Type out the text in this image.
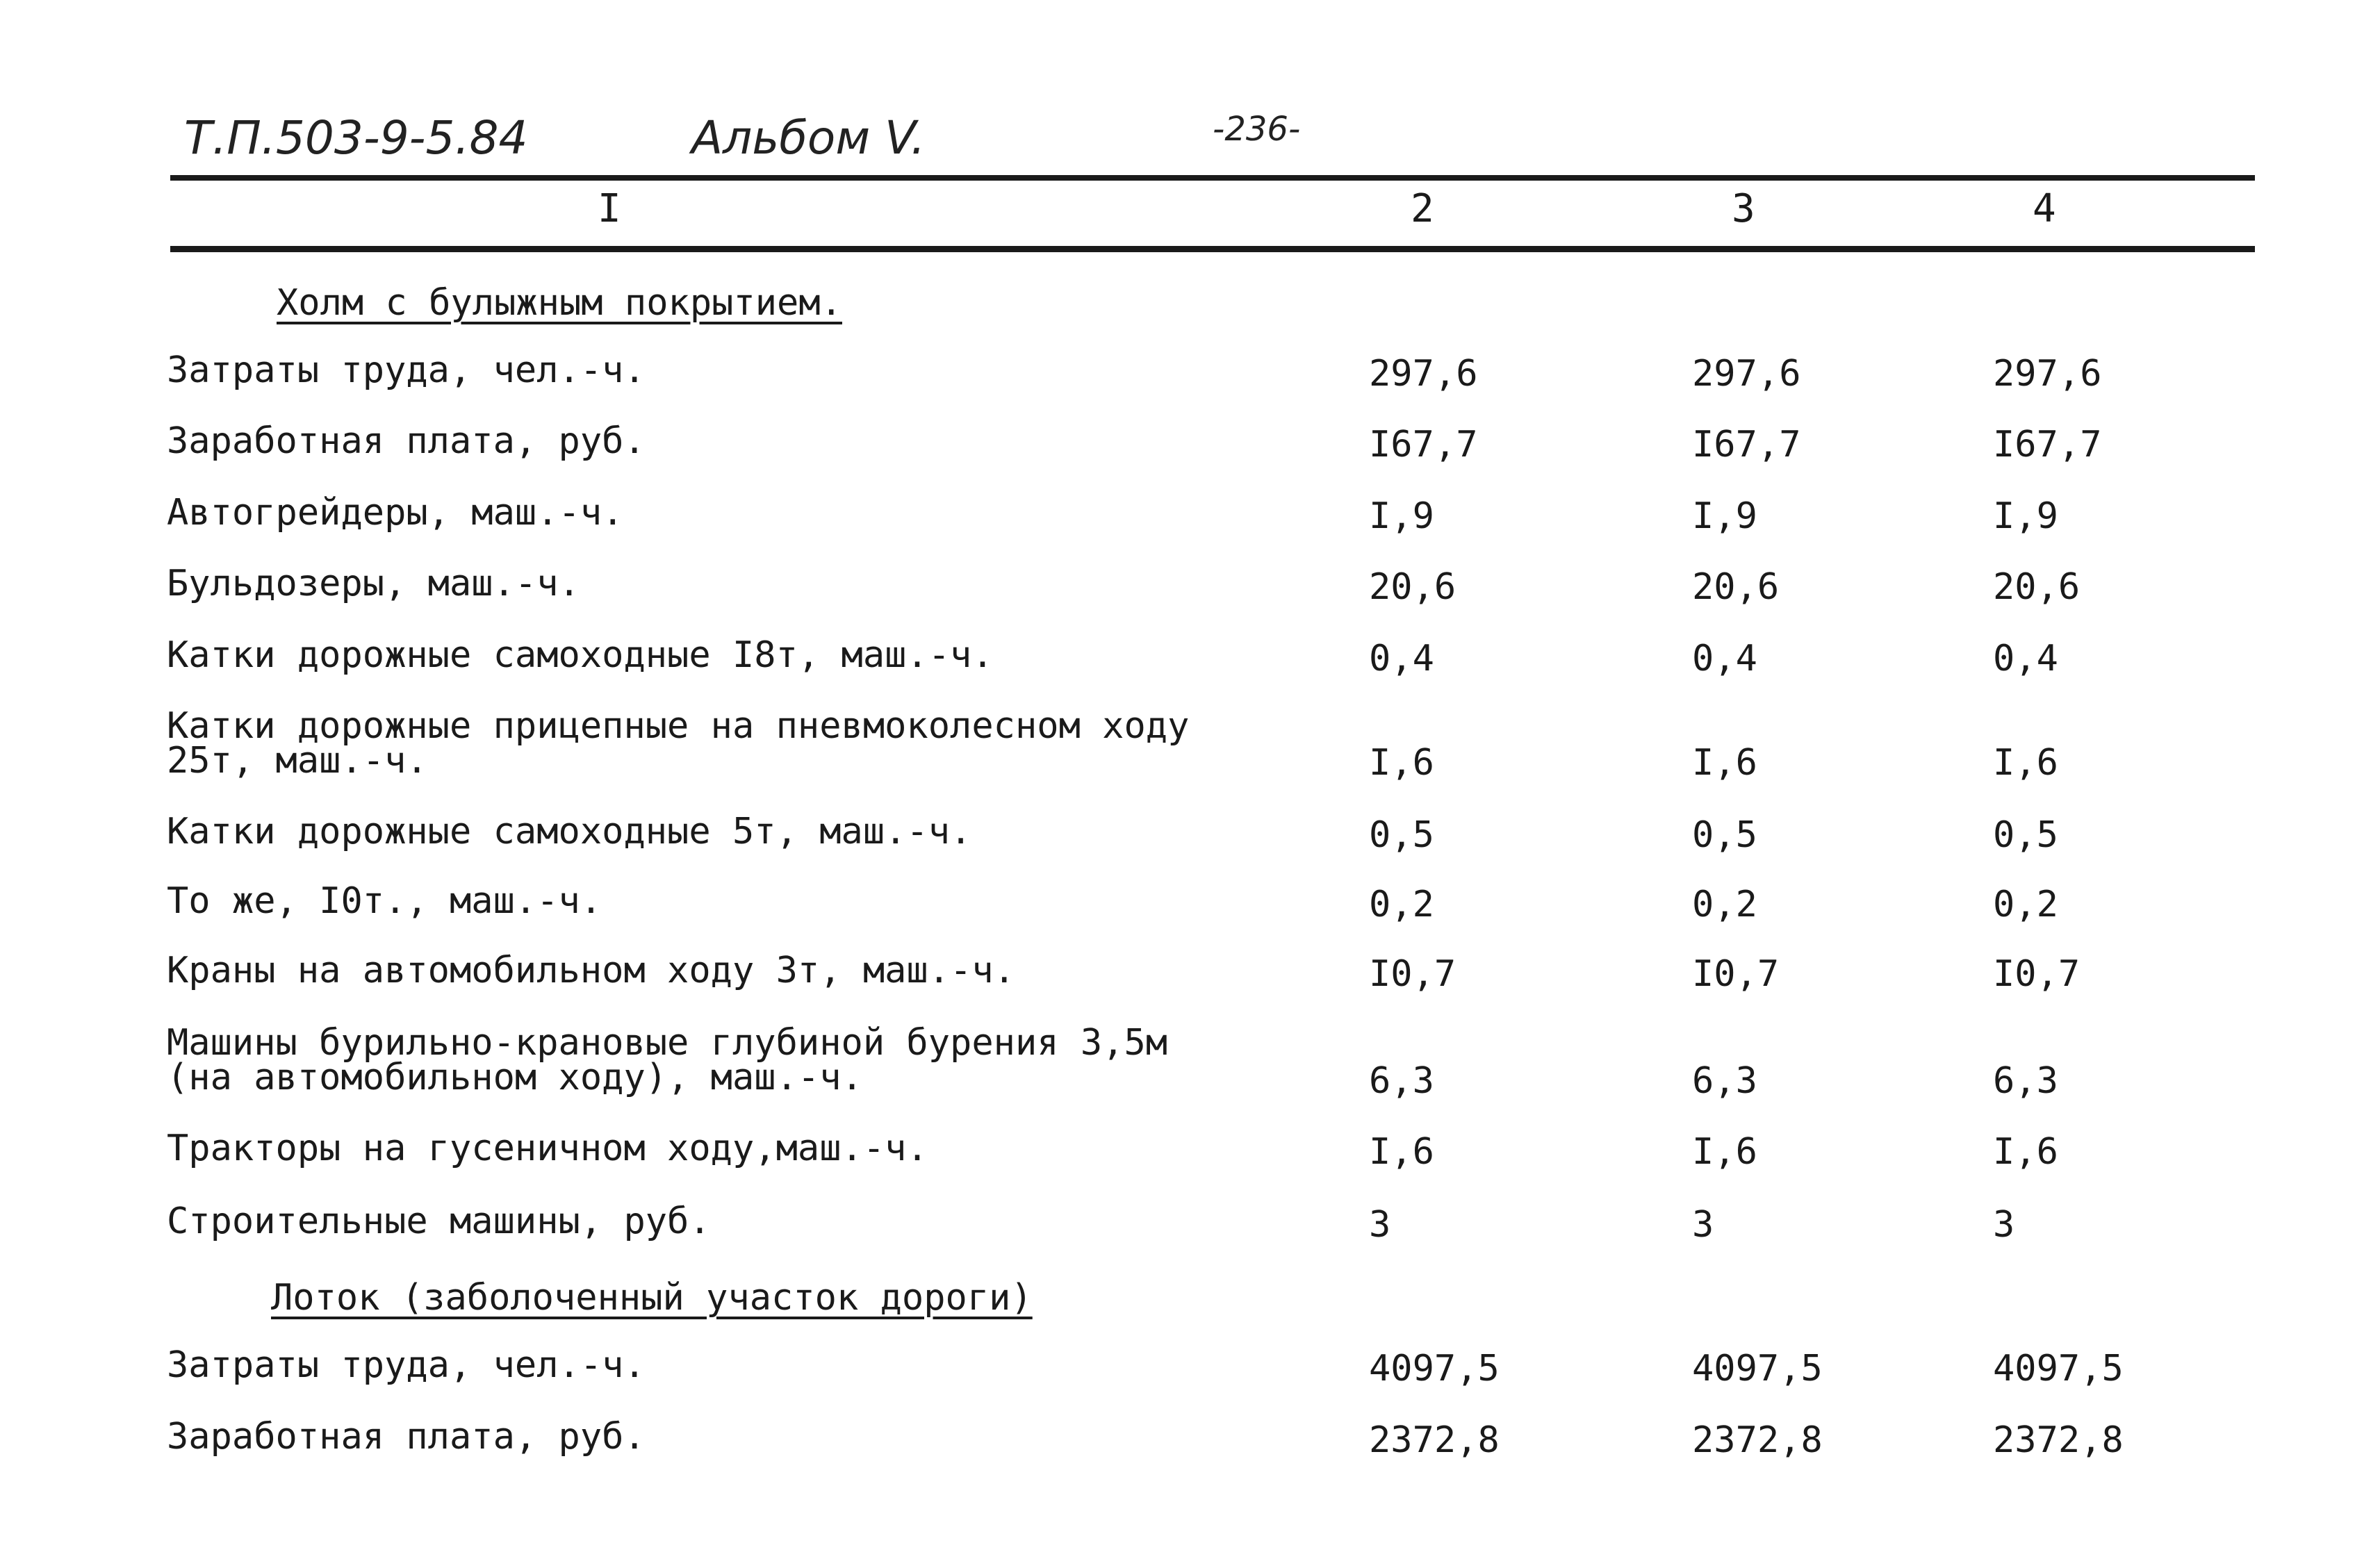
Т.П.503-9-5.84	Альбом V.	-236-
I	2	3	4
Холм с булыжным покрытием.
Затраты труда, чел.-ч.	297,6	297,6	297,6
Заработная плата, руб.	I67,7	I67,7	I67,7
Автогрейдеры, маш.-ч.	I,9	I,9	I,9
Бульдозеры, маш.-ч.	20,6	20,6	20,6
Катки дорожные самоходные I8т, маш.-ч.	0,4	0,4	0,4
Катки дорожные прицепные на пневмоколесном ходу
25т, маш.-ч.	I,6	I,6	I,6
Катки дорожные самоходные 5т, маш.-ч.	0,5	0,5	0,5
То же, I0т., маш.-ч.	0,2	0,2	0,2
Краны на автомобильном ходу 3т, маш.-ч.	I0,7	I0,7	I0,7
Машины бурильно-крановые глубиной бурения 3,5м
(на автомобильном ходу), маш.-ч.	6,3	6,3	6,3
Тракторы на гусеничном ходу,маш.-ч.	I,6	I,6	I,6
Строительные машины, руб.	3	3	3
Лоток (заболоченный участок дороги)
Затраты труда, чел.-ч.	4097,5	4097,5	4097,5
Заработная плата, руб.	2372,8	2372,8	2372,8
